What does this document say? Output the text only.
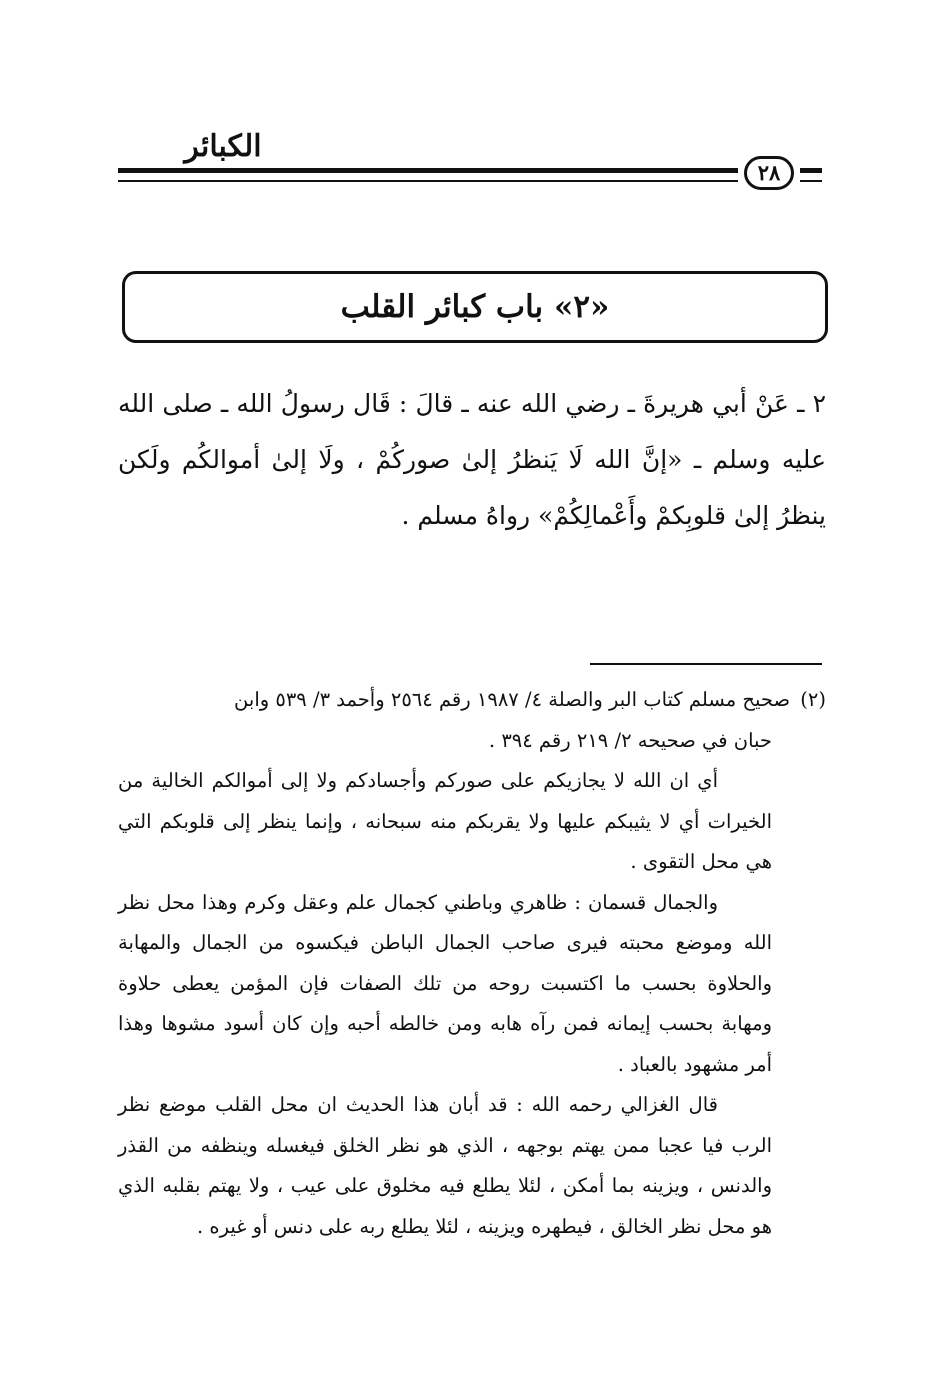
الكبائر
٢٨
«٢» باب كبائر القلب
٢ ـ عَنْ أبي هريرةَ ـ رضي الله عنه ـ قالَ : قَال رسولُ الله ـ صلى الله عليه وسلم ـ «إنَّ الله لَا يَنظرُ إلىٰ صوركُمْ ، ولَا إلىٰ أموالكُم ولَكن ينظرُ إلىٰ قلوبِكمْ وأَعْمالِكُمْ» رواهُ مسلم .

(٢)صحيح مسلم كتاب البر والصلة ٤/ ١٩٨٧ رقم ٢٥٦٤ وأحمد ٣/ ٥٣٩ وابن

حبان في صحيحه ٢/ ٢١٩ رقم ٣٩٤ .

أي ان الله لا يجازيكم على صوركم وأجسادكم ولا إلى أموالكم الخالية من الخيرات أي لا يثيبكم عليها ولا يقربكم منه سبحانه ، وإنما ينظر إلى قلوبكم التي هي محل التقوى .

والجمال قسمان : ظاهري وباطني كجمال علم وعقل وكرم وهذا محل نظر الله وموضع محبته فيرى صاحب الجمال الباطن فيكسوه من الجمال والمهابة والحلاوة بحسب ما اكتسبت روحه من تلك الصفات فإن المؤمن يعطى حلاوة ومهابة بحسب إيمانه فمن رآه هابه ومن خالطه أحبه وإن كان أسود مشوها وهذا أمر مشهود بالعباد .

قال الغزالي رحمه الله : قد أبان هذا الحديث ان محل القلب موضع نظر الرب فيا عجبا ممن يهتم بوجهه ، الذي هو نظر الخلق فيغسله وينظفه من القذر والدنس ، ويزينه بما أمكن ، لئلا يطلع فيه مخلوق على عيب ، ولا يهتم بقلبه الذي هو محل نظر الخالق ، فيطهره ويزينه ، لئلا يطلع ربه على دنس أو غيره .
